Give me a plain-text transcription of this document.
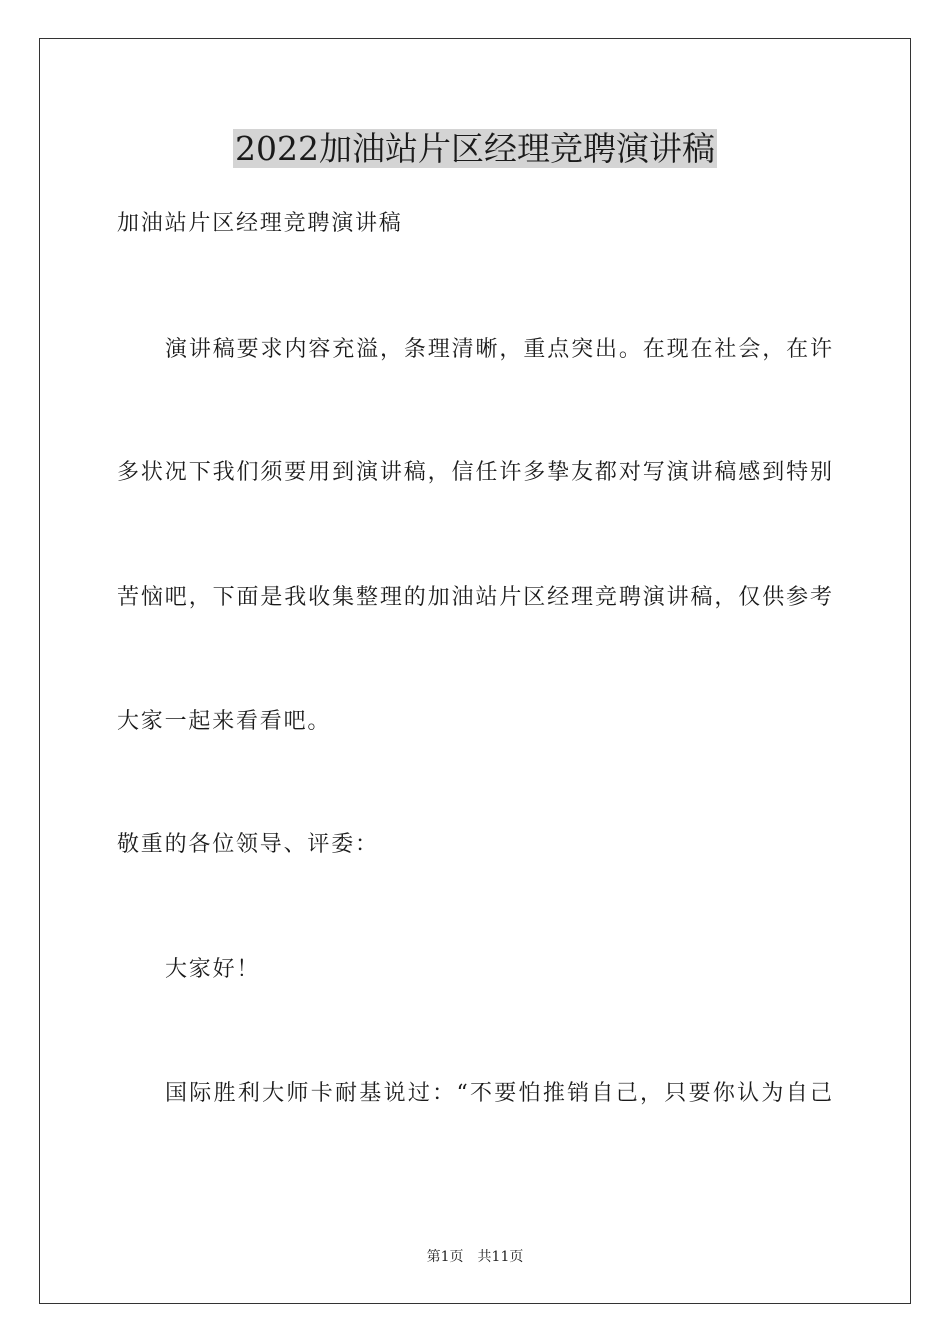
2022加油站片区经理竞聘演讲稿

加油站片区经理竞聘演讲稿

演讲稿要求内容充溢，条理清晰，重点突出。在现在社会，在许

多状况下我们须要用到演讲稿，信任许多挚友都对写演讲稿感到特别

苦恼吧，下面是我收集整理的加油站片区经理竞聘演讲稿，仅供参考

大家一起来看看吧。

敬重的各位领导、评委：

大家好！

国际胜利大师卡耐基说过：“不要怕推销自己，只要你认为自己

第1页 共11页
